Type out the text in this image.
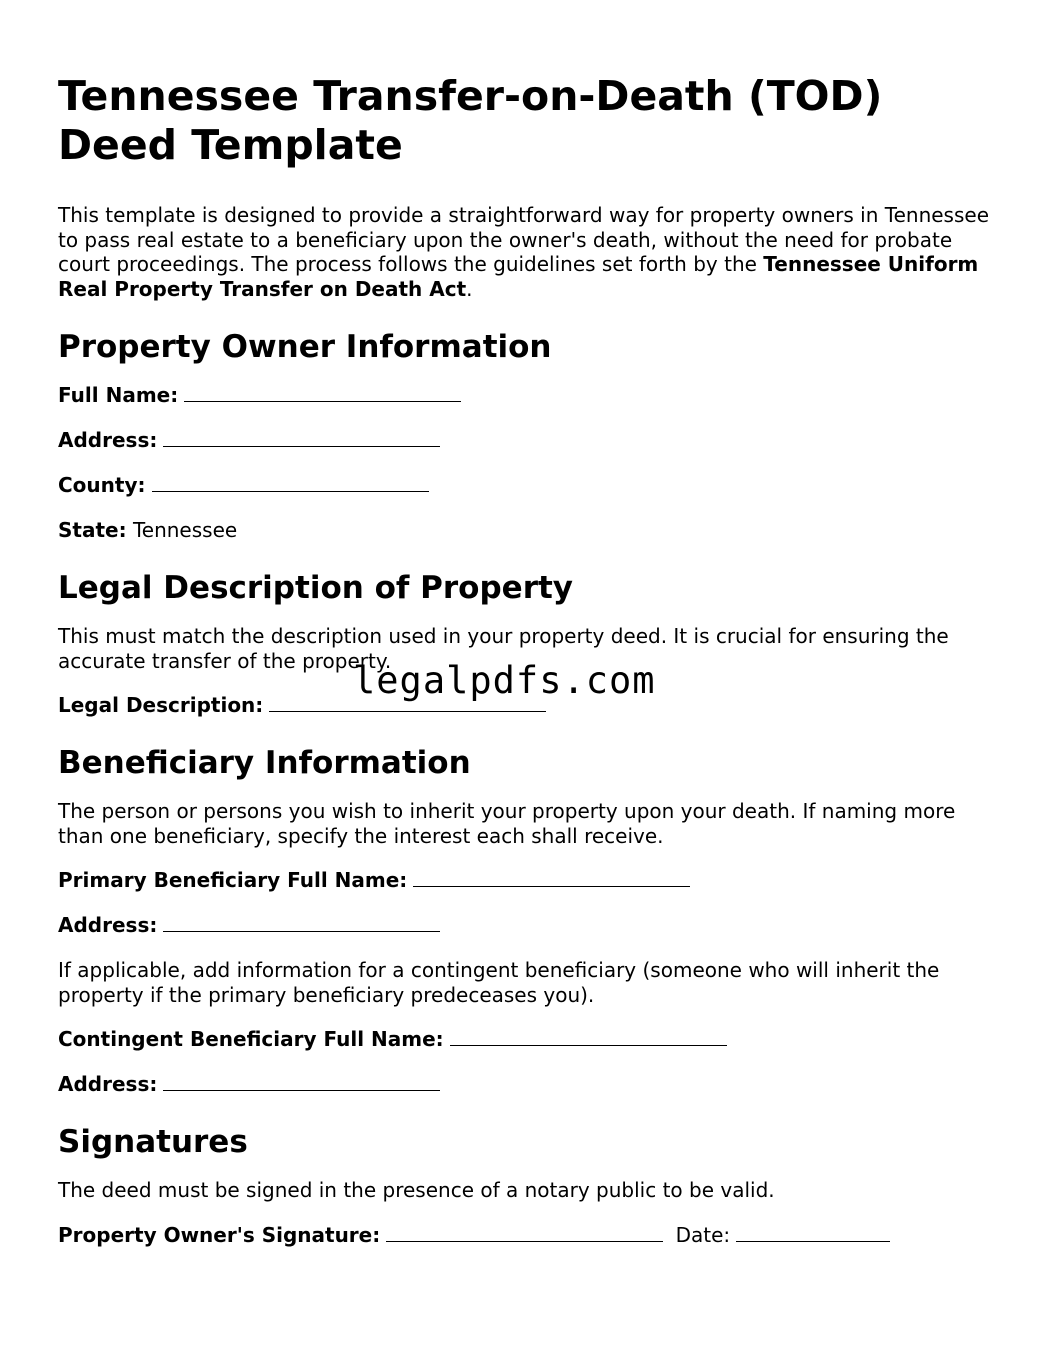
Tennessee Transfer-on-Death (TOD) Deed Template

This template is designed to provide a straightforward way for property owners in Tennessee to pass real estate to a beneficiary upon the owner's death, without the need for probate court proceedings. The process follows the guidelines set forth by the Tennessee Uniform Real Property Transfer on Death Act.

Property Owner Information
Full Name:
Address:
County:
State: Tennessee
Legal Description of Property

This must match the description used in your property deed. It is crucial for ensuring the accurate transfer of the property.

Legal Description:
Beneficiary Information

The person or persons you wish to inherit your property upon your death. If naming more than one beneficiary, specify the interest each shall receive.

Primary Beneficiary Full Name:
Address:

If applicable, add information for a contingent beneficiary (someone who will inherit the property if the primary beneficiary predeceases you).

Contingent Beneficiary Full Name:
Address:
Signatures

The deed must be signed in the presence of a notary public to be valid.

Property Owner's Signature:	Date:
legalpdfs.com
